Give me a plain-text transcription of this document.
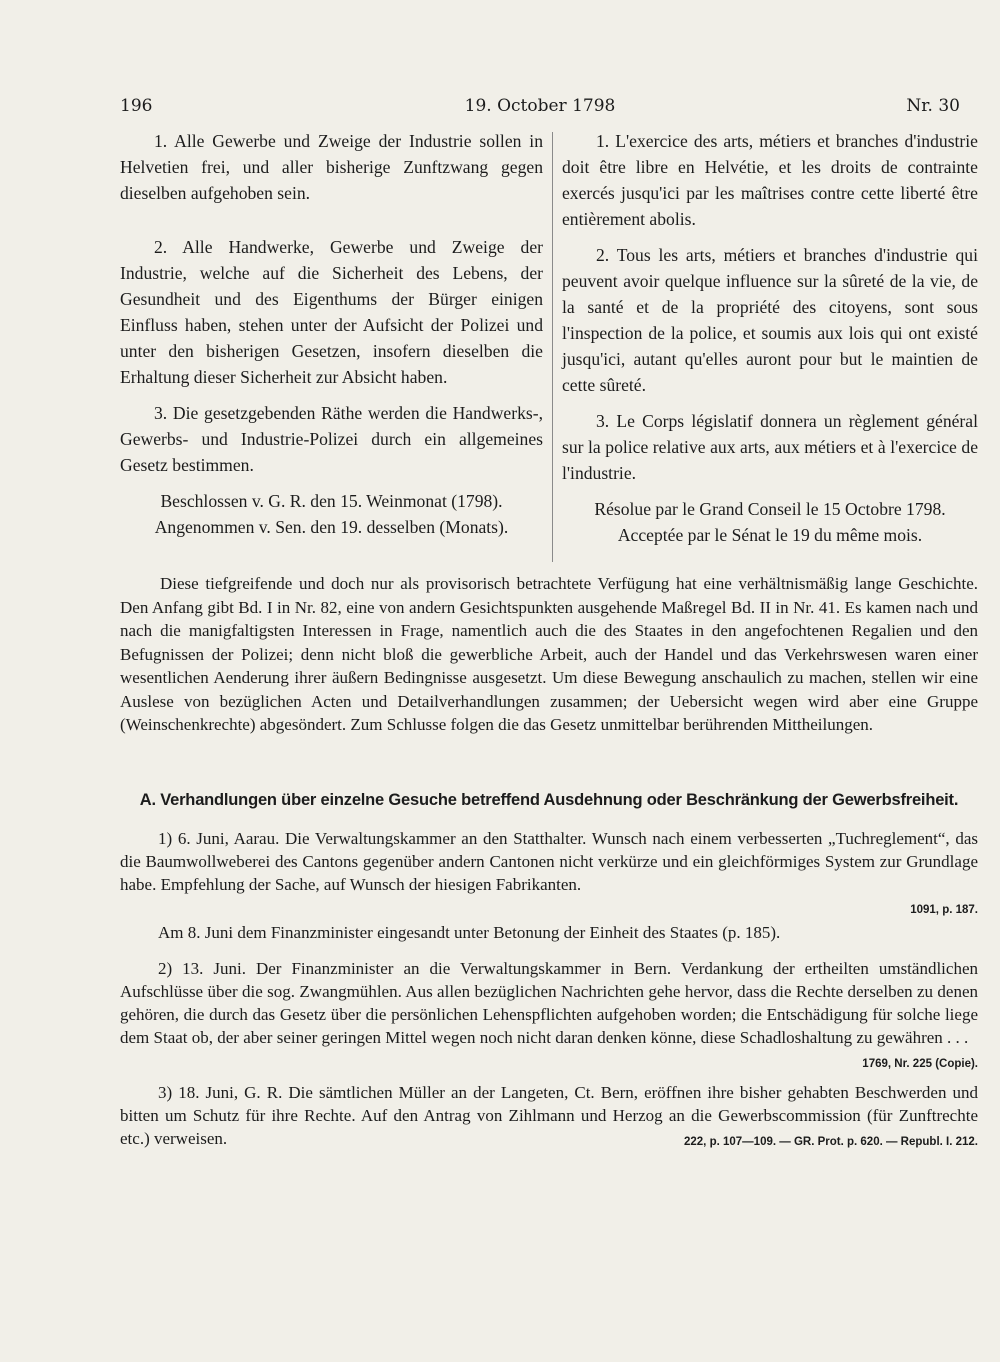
196	19. October 1798	Nr. 30

1. Alle Gewerbe und Zweige der Industrie sollen in Helvetien frei, und aller bisherige Zunftzwang gegen dieselben aufgehoben sein.

2. Alle Handwerke, Gewerbe und Zweige der Industrie, welche auf die Sicherheit des Lebens, der Gesundheit und des Eigenthums der Bürger einigen Einfluss haben, stehen unter der Aufsicht der Polizei und unter den bisherigen Gesetzen, insofern dieselben die Erhaltung dieser Sicherheit zur Absicht haben.

3. Die gesetzgebenden Räthe werden die Handwerks-, Gewerbs- und Industrie-Polizei durch ein allgemeines Gesetz bestimmen.

Beschlossen v. G. R. den 15. Weinmonat (1798).

Angenommen v. Sen. den 19. desselben (Monats).

1. L'exercice des arts, métiers et branches d'industrie doit être libre en Helvétie, et les droits de contrainte exercés jusqu'ici par les maîtrises contre cette liberté être entièrement abolis.

2. Tous les arts, métiers et branches d'industrie qui peuvent avoir quelque influence sur la sûreté de la vie, de la santé et de la propriété des citoyens, sont sous l'inspection de la police, et soumis aux lois qui ont existé jusqu'ici, autant qu'elles auront pour but le maintien de cette sûreté.

3. Le Corps législatif donnera un règlement général sur la police relative aux arts, aux métiers et à l'exercice de l'industrie.

Résolue par le Grand Conseil le 15 Octobre 1798.

Acceptée par le Sénat le 19 du même mois.

Diese tiefgreifende und doch nur als provisorisch betrachtete Verfügung hat eine verhältnismäßig lange Geschichte. Den Anfang gibt Bd. I in Nr. 82, eine von andern Gesichtspunkten ausgehende Maßregel Bd. II in Nr. 41. Es kamen nach und nach die manigfaltigsten Interessen in Frage, namentlich auch die des Staates in den angefochtenen Regalien und den Befugnissen der Polizei; denn nicht bloß die gewerbliche Arbeit, auch der Handel und das Verkehrswesen waren einer wesentlichen Aenderung ihrer äußern Bedingnisse ausgesetzt. Um diese Bewegung anschaulich zu machen, stellen wir eine Auslese von bezüglichen Acten und Detailverhandlungen zusammen; der Uebersicht wegen wird aber eine Gruppe (Weinschenkrechte) abgesöndert. Zum Schlusse folgen die das Gesetz unmittelbar berührenden Mittheilungen.

A. Verhandlungen über einzelne Gesuche betreffend Ausdehnung oder Beschränkung der Gewerbsfreiheit.

1) 6. Juni, Aarau. Die Verwaltungskammer an den Statthalter. Wunsch nach einem verbesserten „Tuchreglement“, das die Baumwollweberei des Cantons gegenüber andern Cantonen nicht verkürze und ein gleichförmiges System zur Grundlage habe. Empfehlung der Sache, auf Wunsch der hiesigen Fabrikanten.
1091, p. 187.

Am 8. Juni dem Finanzminister eingesandt unter Betonung der Einheit des Staates (p. 185).

2) 13. Juni. Der Finanzminister an die Verwaltungskammer in Bern. Verdankung der ertheilten umständlichen Aufschlüsse über die sog. Zwangmühlen. Aus allen bezüglichen Nachrichten gehe hervor, dass die Rechte derselben zu denen gehören, die durch das Gesetz über die persönlichen Lehenspflichten aufgehoben worden; die Entschädigung für solche liege dem Staat ob, der aber seiner geringen Mittel wegen noch nicht daran denken könne, diese Schadloshaltung zu gewähren . . .
1769, Nr. 225 (Copie).
3) 18. Juni, G. R. Die sämtlichen Müller an der Langeten, Ct. Bern, eröffnen ihre bisher gehabten Beschwerden und bitten um Schutz für ihre Rechte. Auf den Antrag von Zihlmann und Herzog an die Gewerbscommission (für Zunftrechte etc.) verweisen.	222, p. 107—109. — GR. Prot. p. 620. — Republ. I. 212.
